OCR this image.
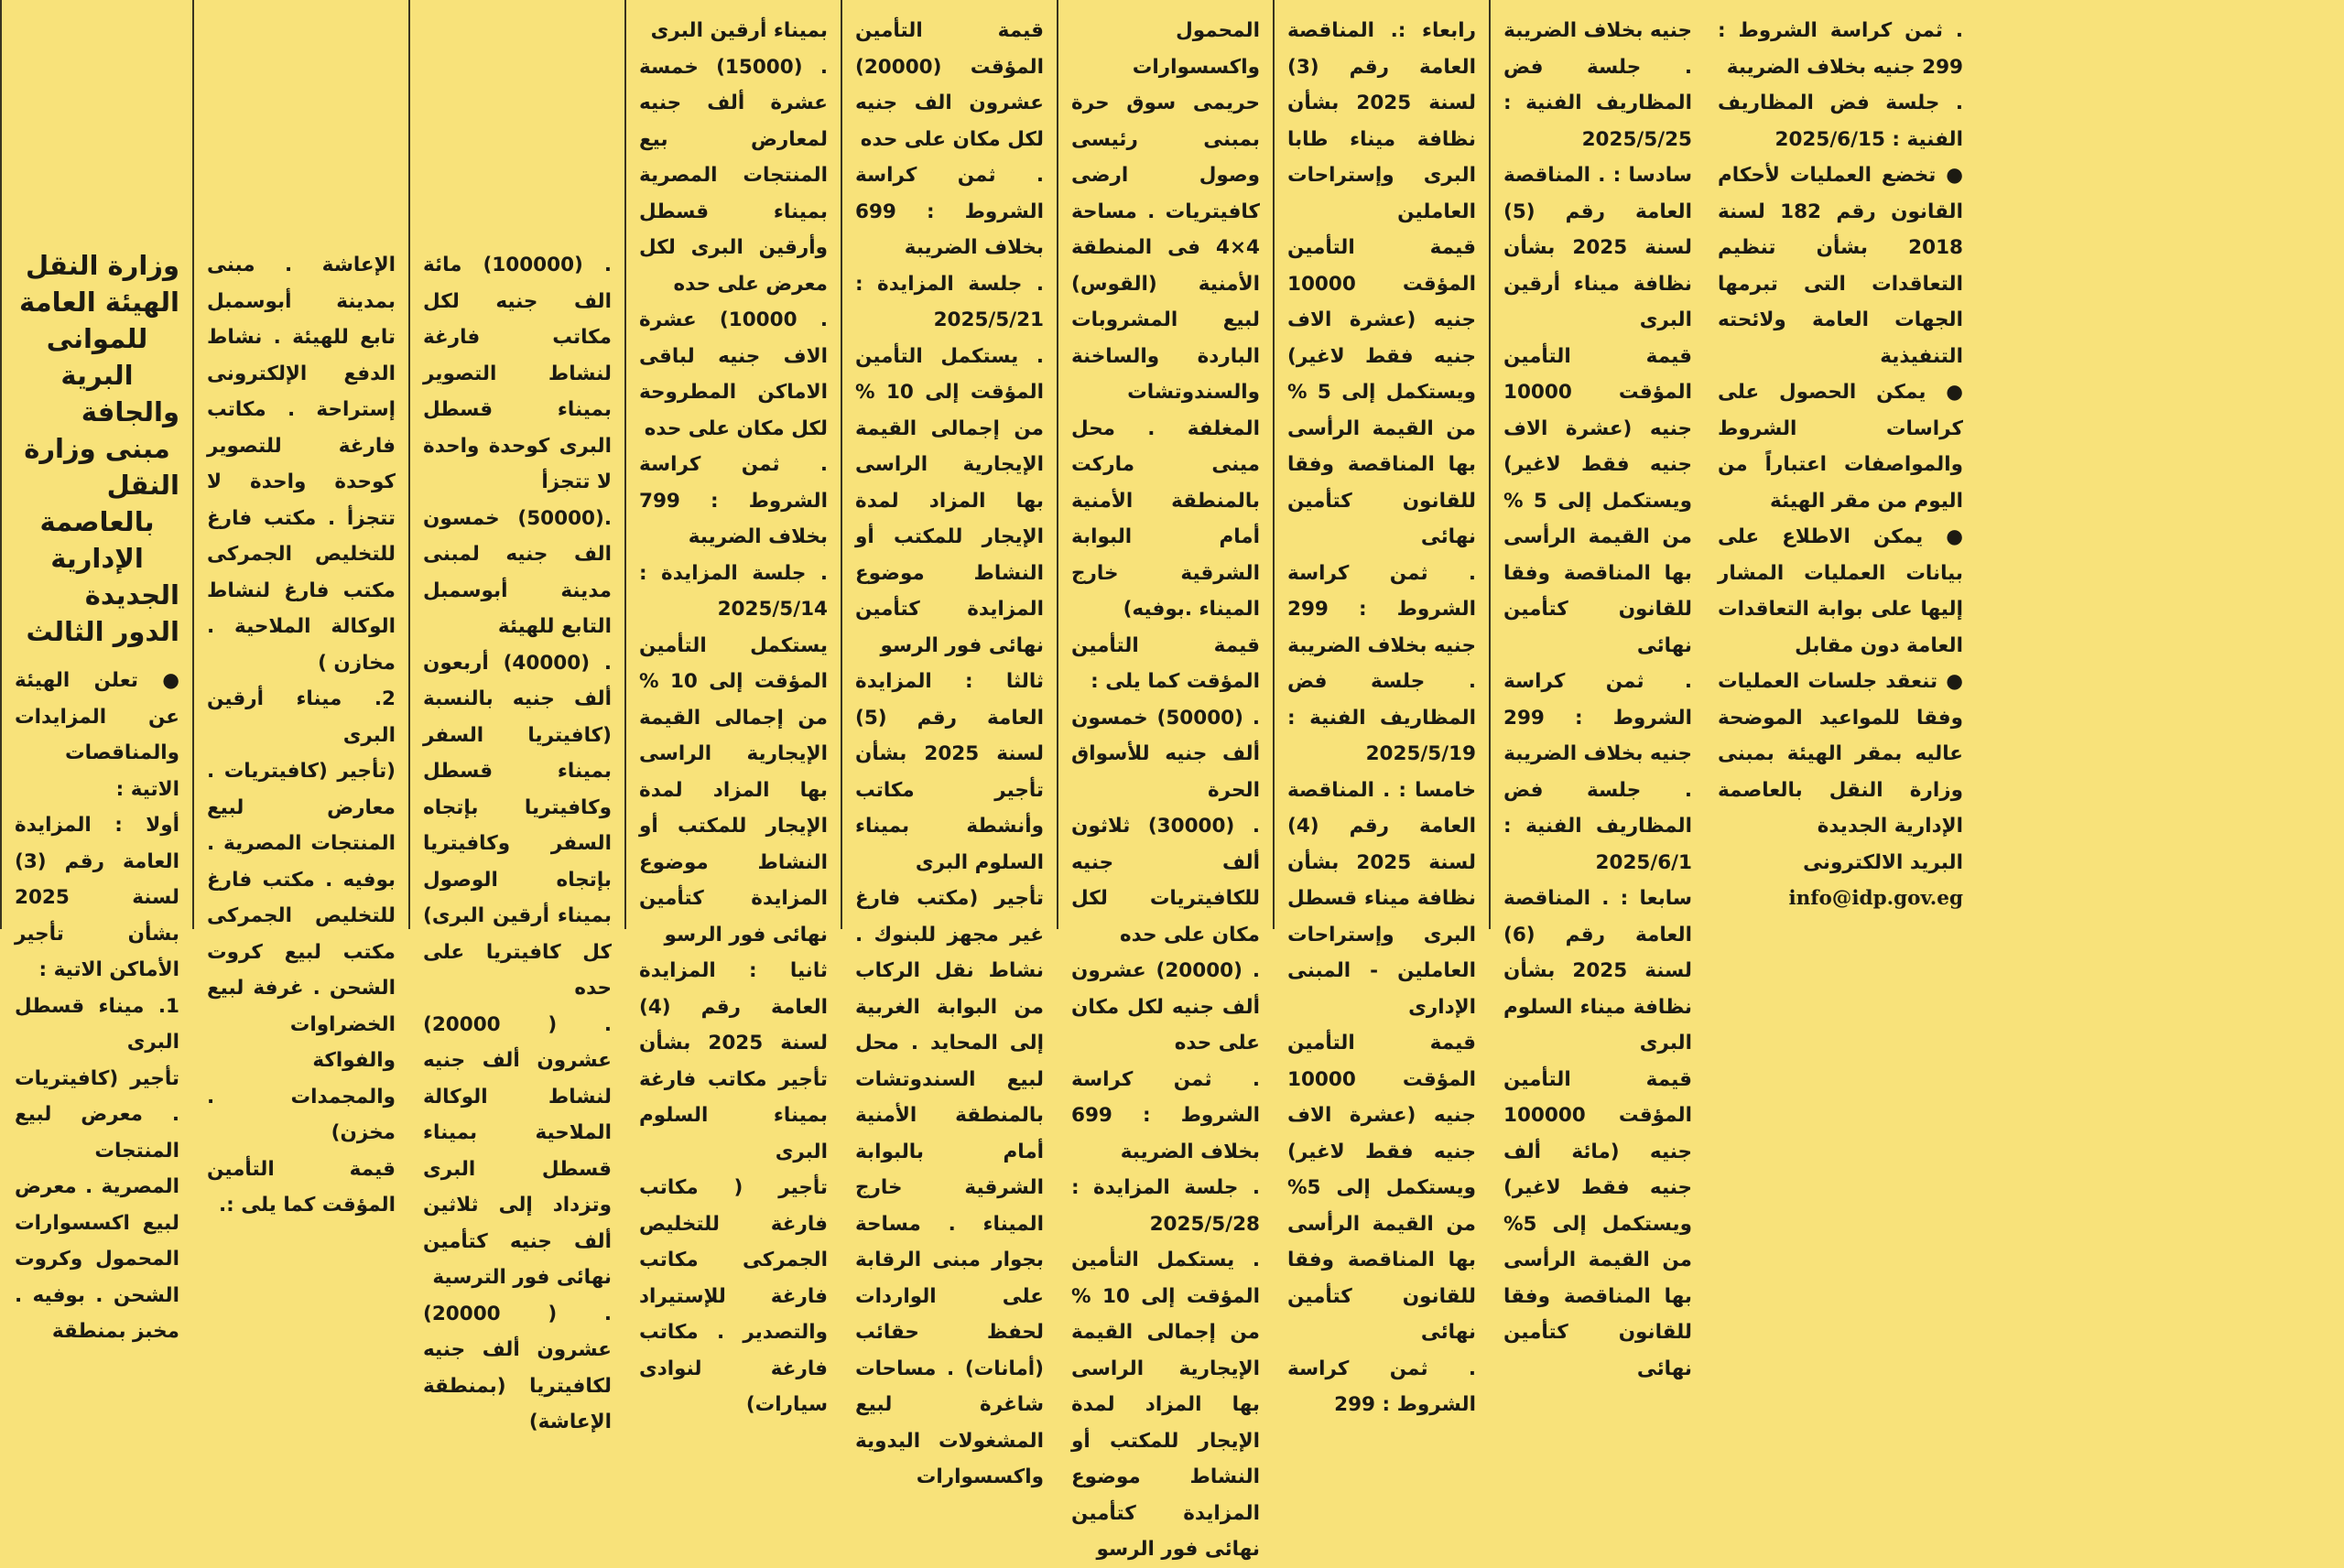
وزارة النقل

الهيئة العامة

للموانى البرية والجافة

مبنى وزارة النقل

بالعاصمة الإدارية الجديدة

الدور الثالث

● تعلن الهيئة عن المزايدات والمناقصات الاتية :

أولا : المزايدة العامة رقم (3) لسنة 2025 بشأن تأجير الأماكن الاتية :

1. ميناء قسطل البرى

تأجير (كافيتريات . معرض لبيع المنتجات المصرية . معرض لبيع اكسسوارات المحمول وكروت الشحن . بوفيه . مخبز بمنطقة

الإعاشة . مبنى بمدينة أبوسمبل تابع للهيئة . نشاط الدفع الإلكترونى إستراحة . مكاتب فارغة للتصوير كوحدة واحدة لا تتجزأ . مكتب فارغ للتخليص الجمركى مكتب فارغ لنشاط الوكالة الملاحية . مخازن )

2. ميناء أرقين البرى

(تأجير (كافيتريات . معارض لبيع المنتجات المصرية . بوفيه . مكتب فارغ للتخليص الجمركى مكتب لبيع كروت الشحن . غرفة لبيع الخضراوات والفواكة والمجمدات . مخزن)

قيمة التأمين المؤقت كما يلى :.

. (100000) مائة الف جنيه لكل مكاتب فارغة لنشاط التصوير بميناء قسطل البرى كوحدة واحدة لا تتجزأ

.(50000) خمسون الف جنيه لمبنى مدينة أبوسمبل التابع للهيئة

. (40000) أربعون ألف جنيه بالنسبة (كافيتريا السفر بميناء قسطل وكافيتريا بإتجاه السفر وكافيتريا بإتجاه الوصول بميناء أرقين البرى) كل كافيتريا على حده

. ( 20000) عشرون ألف جنيه لنشاط الوكالة الملاحية بميناء قسطل البرى وتزداد إلى ثلاثين ألف جنيه كتأمين نهائى فور الترسية

. ( 20000) عشرون ألف جنيه لكافيتريا (بمنطقة الإعاشة)

بميناء أرقين البرى

. (15000) خمسة عشرة ألف جنيه لمعارض بيع المنتجات المصرية بميناء قسطل وأرقين البرى لكل معرض على حده

. 10000) عشرة الاف جنيه لباقى الاماكن المطروحة لكل مكان على حده

. ثمن كراسة الشروط : 799 بخلاف الضريبة

. جلسة المزايدة : 2025/5/14

يستكمل التأمين المؤقت إلى 10 % من إجمالى القيمة الإيجارية الراسى بها المزاد لمدة الإيجار للمكتب أو النشاط موضوع المزايدة كتأمين نهائى فور الرسو

ثانيا : المزايدة العامة رقم (4) لسنة 2025 بشأن تأجير مكاتب فارغة بميناء السلوم البرى

تأجير ( مكاتب فارغة للتخليص الجمركى مكاتب فارغة للإستيراد والتصدير . مكاتب فارغة لنوادى سيارات)

قيمة التأمين المؤقت (20000) عشرون الف جنيه لكل مكان على حده

. ثمن كراسة الشروط : 699 بخلاف الضريبة

. جلسة المزايدة : 2025/5/21

. يستكمل التأمين المؤقت إلى 10 % من إجمالى القيمة الإيجارية الراسى بها المزاد لمدة الإيجار للمكتب أو النشاط موضوع المزايدة كتأمين نهائى فور الرسو

ثالثا : المزايدة العامة رقم (5) لسنة 2025 بشأن تأجير مكاتب وأنشطة بميناء السلوم البرى

تأجير (مكتب فارغ غير مجهز للبنوك . نشاط نقل الركاب من البوابة الغربية إلى المحايد . محل لبيع السندوتشات بالمنطقة الأمنية أمام بالبوابة الشرقية خارج الميناء . مساحة بجوار مبنى الرقابة على الواردات لحفظ حقائب (أمانات) . مساحات شاغرة لبيع المشغولات اليدوية واكسسوارات

المحمول واكسسوارات حريمى سوق حرة بمبنى رئيسى وصول ارضى كافيتريات . مساحة 4×4 فى المنطقة الأمنية (القوس) لبيع المشروبات الباردة والساخنة والسندوتشات المغلفة . محل مينى ماركت بالمنطقة الأمنية أمام البوابة الشرقية خارج الميناء .بوفيه)

قيمة التأمين المؤقت كما يلى :

. (50000) خمسون ألف جنيه للأسواق الحرة

. (30000) ثلاثون ألف جنيه للكافيتريات لكل مكان على حده

. (20000) عشرون ألف جنيه لكل مكان على حده

. ثمن كراسة الشروط : 699 بخلاف الضريبة

. جلسة المزايدة : 2025/5/28

. يستكمل التأمين المؤقت إلى 10 % من إجمالى القيمة الإيجارية الراسى بها المزاد لمدة الإيجار للمكتب أو النشاط موضوع المزايدة كتأمين نهائى فور الرسو

رابعاء :. المناقصة العامة رقم (3) لسنة 2025 بشأن نظافة ميناء طابا البرى وإستراحات العاملين

قيمة التأمين المؤقت 10000 جنيه (عشرة الاف جنيه فقط لاغير) ويستكمل إلى 5 % من القيمة الرأسى بها المناقصة وفقا للقانون كتأمين نهائى

. ثمن كراسة الشروط : 299 جنيه بخلاف الضريبة

. جلسة فض المظاريف الفنية : 2025/5/19

خامسا : . المناقصة العامة رقم (4) لسنة 2025 بشأن نظافة ميناء قسطل البرى وإستراحات العاملين - المبنى الإدارى

قيمة التأمين المؤقت 10000 جنيه (عشرة الاف جنيه فقط لاغير) ويستكمل إلى 5% من القيمة الرأسى بها المناقصة وفقا للقانون كتأمين نهائى

. ثمن كراسة الشروط : 299

جنيه بخلاف الضريبة

. جلسة فض المظاريف الفنية : 2025/5/25

سادسا : . المناقصة العامة رقم (5) لسنة 2025 بشأن نظافة ميناء أرقين البرى

قيمة التأمين المؤقت 10000 جنيه (عشرة الاف جنيه فقط لاغير) ويستكمل إلى 5 % من القيمة الرأسى بها المناقصة وفقا للقانون كتأمين نهائى

. ثمن كراسة الشروط : 299 جنيه بخلاف الضريبة

. جلسة فض المظاريف الفنية : 2025/6/1

سابعا : . المناقصة العامة رقم (6) لسنة 2025 بشأن نظافة ميناء السلوم البرى

قيمة التأمين المؤقت 100000 جنيه (مائة ألف جنيه فقط لاغير) ويستكمل إلى 5% من القيمة الرأسى بها المناقصة وفقا للقانون كتأمين نهائى

. ثمن كراسة الشروط : 299 جنيه بخلاف الضريبة

. جلسة فض المظاريف الفنية : 2025/6/15

● تخضع العمليات لأحكام القانون رقم 182 لسنة 2018 بشأن تنظيم التعاقدات التى تبرمها الجهات العامة ولائحته التنفيذية

● يمكن الحصول على كراسات الشروط والمواصفات اعتباراً من اليوم من مقر الهيئة

● يمكن الاطلاع على بيانات العمليات المشار إليها على بوابة التعاقدات العامة دون مقابل

● تنعقد جلسات العمليات وفقا للمواعيد الموضحة عاليه بمقر الهيئة بمبنى وزارة النقل بالعاصمة الإدارية الجديدة

البريد الالكترونى

info@idp.gov.eg
